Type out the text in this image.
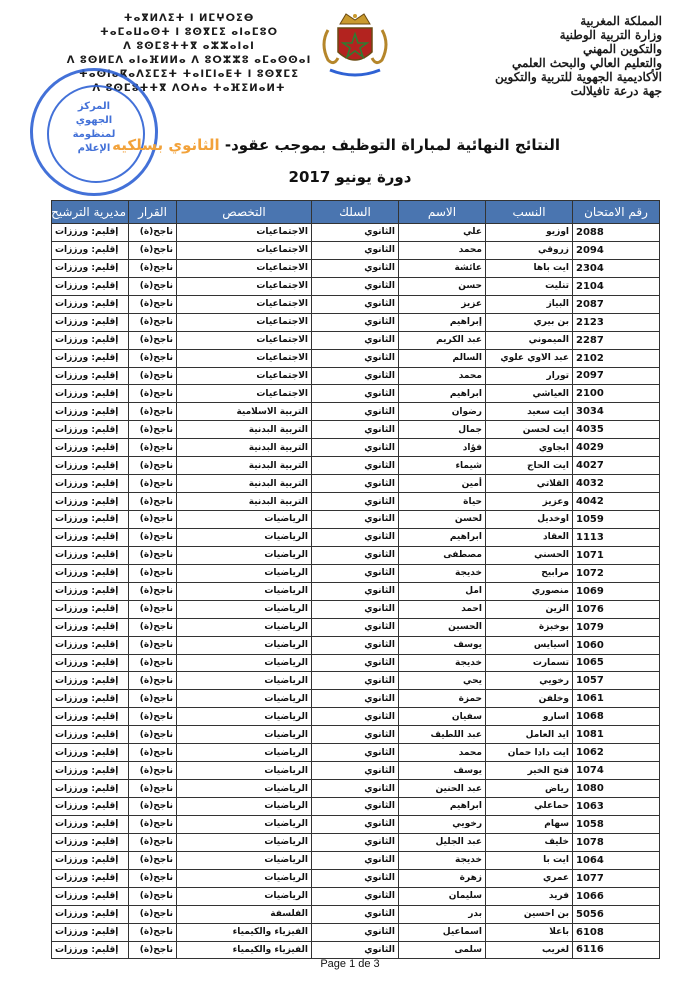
المملكة المغربية
وزارة التربية الوطنية
والتكوين المهني
والتعليم العالي والبحث العلمي
الأكاديمية الجهوية للتربية والتكوين
جهة درعة تافيلالت
ⵜⴰⴳⵍⴷⵉⵜ ⵏ ⵍⵎⵖⵔⵉⴱ
ⵜⴰⵎⴰⵡⴰⵙⵜ ⵏ ⵓⵙⴳⵎⵉ ⴰⵏⴰⵎⵓⵔ
ⴷ ⵓⵙⵎⵓⵜⵜⴳ ⴰⵣⵣⴰⵏⴰⵏ
ⴷ ⵓⵙⵍⵎⴷ ⴰⵏⴰⴼⵍⵍⴰ ⴷ ⵓⵔⵣⵣⵓ ⴰⵎⴰⵙⵙⴰⵏ
ⵜⴰⵙⵏⴰⴽⴰⴷⵉⵎⵉⵜ ⵜⴰⵏⵎⵏⴰⴹⵜ ⵏ ⵓⵙⴳⵎⵉ
ⴷ ⵓⵙⵎⵓⵜⵜⴳ ⴷⵔⵄⴰ ⵜⴰⴼⵉⵍⴰⵍⵜ
المركز
الجهوي
لمنظومة
الإعلام	النتائج النهائية لمباراة التوظيف بموجب عقود- الثانوي بسلكيه
دورة يونيو 2017
رقم الامتحان	النسب	الاسم	السلك	التخصص	القرار	مديرية الترشيح
2088	اوزيو	علي	الثانوي	الاجتماعيات	ناجح(ة)	إقليم: ورززات
2094	زروقي	محمد	الثانوي	الاجتماعيات	ناجح(ة)	إقليم: ورززات
2304	ايت باها	عائشة	الثانوي	الاجتماعيات	ناجح(ة)	إقليم: ورززات
2104	تنليت	حسن	الثانوي	الاجتماعيات	ناجح(ة)	إقليم: ورززات
2087	البياز	عزيز	الثانوي	الاجتماعيات	ناجح(ة)	إقليم: ورززات
2123	بن بيري	إبراهيم	الثانوي	الاجتماعيات	ناجح(ة)	إقليم: ورززات
2287	الميموني	عبد الكريم	الثانوي	الاجتماعيات	ناجح(ة)	إقليم: ورززات
2102	عبد الاوي علوي	السالم	الثانوي	الاجتماعيات	ناجح(ة)	إقليم: ورززات
2097	تورار	محمد	الثانوي	الاجتماعيات	ناجح(ة)	إقليم: ورززات
2100	العياشي	ابراهيم	الثانوي	الاجتماعيات	ناجح(ة)	إقليم: ورززات
3034	ايت سعيد	رضوان	الثانوي	التربية الاسلامية	ناجح(ة)	إقليم: ورززات
4035	ايت لحسن	جمال	الثانوي	التربية البدنية	ناجح(ة)	إقليم: ورززات
4029	ابجاوي	فؤاد	الثانوي	التربية البدنية	ناجح(ة)	إقليم: ورززات
4027	ايت الحاج	شيماء	الثانوي	التربية البدنية	ناجح(ة)	إقليم: ورززات
4032	القلاتي	أمين	الثانوي	التربية البدنية	ناجح(ة)	إقليم: ورززات
4042	وعزيز	حياة	الثانوي	التربية البدنية	ناجح(ة)	إقليم: ورززات
1059	اوخديل	لحسن	الثانوي	الرياضيات	ناجح(ة)	إقليم: ورززات
1113	العقاد	ابراهيم	الثانوي	الرياضيات	ناجح(ة)	إقليم: ورززات
1071	الحسني	مصطفى	الثانوي	الرياضيات	ناجح(ة)	إقليم: ورززات
1072	مرابيح	خديجة	الثانوي	الرياضيات	ناجح(ة)	إقليم: ورززات
1069	منصوري	امل	الثانوي	الرياضيات	ناجح(ة)	إقليم: ورززات
1076	الزين	احمد	الثانوي	الرياضيات	ناجح(ة)	إقليم: ورززات
1079	بوخبزة	الحسين	الثانوي	الرياضيات	ناجح(ة)	إقليم: ورززات
1060	اسيايس	يوسف	الثانوي	الرياضيات	ناجح(ة)	إقليم: ورززات
1065	تسمارت	خديجة	الثانوي	الرياضيات	ناجح(ة)	إقليم: ورززات
1057	رخويي	يحي	الثانوي	الرياضيات	ناجح(ة)	إقليم: ورززات
1061	وخلفن	حمزة	الثانوي	الرياضيات	ناجح(ة)	إقليم: ورززات
1068	اسارو	سفيان	الثانوي	الرياضيات	ناجح(ة)	إقليم: ورززات
1081	ايد العامل	عبد اللطيف	الثانوي	الرياضيات	ناجح(ة)	إقليم: ورززات
1062	ايت دادا حمان	محمد	الثانوي	الرياضيات	ناجح(ة)	إقليم: ورززات
1074	فتح الخير	يوسف	الثانوي	الرياضيات	ناجح(ة)	إقليم: ورززات
1080	رياض	عبد الحنين	الثانوي	الرياضيات	ناجح(ة)	إقليم: ورززات
1063	حماعلي	ابراهيم	الثانوي	الرياضيات	ناجح(ة)	إقليم: ورززات
1058	سهام	رخويي	الثانوي	الرياضيات	ناجح(ة)	إقليم: ورززات
1078	خليف	عبد الجليل	الثانوي	الرياضيات	ناجح(ة)	إقليم: ورززات
1064	ايت با	خديجة	الثانوي	الرياضيات	ناجح(ة)	إقليم: ورززات
1077	عمري	زهرة	الثانوي	الرياضيات	ناجح(ة)	إقليم: ورززات
1066	فريد	سليمان	الثانوي	الرياضيات	ناجح(ة)	إقليم: ورززات
5056	بن احسين	بدر	الثانوي	الفلسفة	ناجح(ة)	إقليم: ورززات
6108	باعلا	اسماعيل	الثانوي	الفيزياء والكيمياء	ناجح(ة)	إقليم: ورززات
6116	لغريب	سلمى	الثانوي	الفيزياء والكيمياء	ناجح(ة)	إقليم: ورززات
Page 1 de 3
